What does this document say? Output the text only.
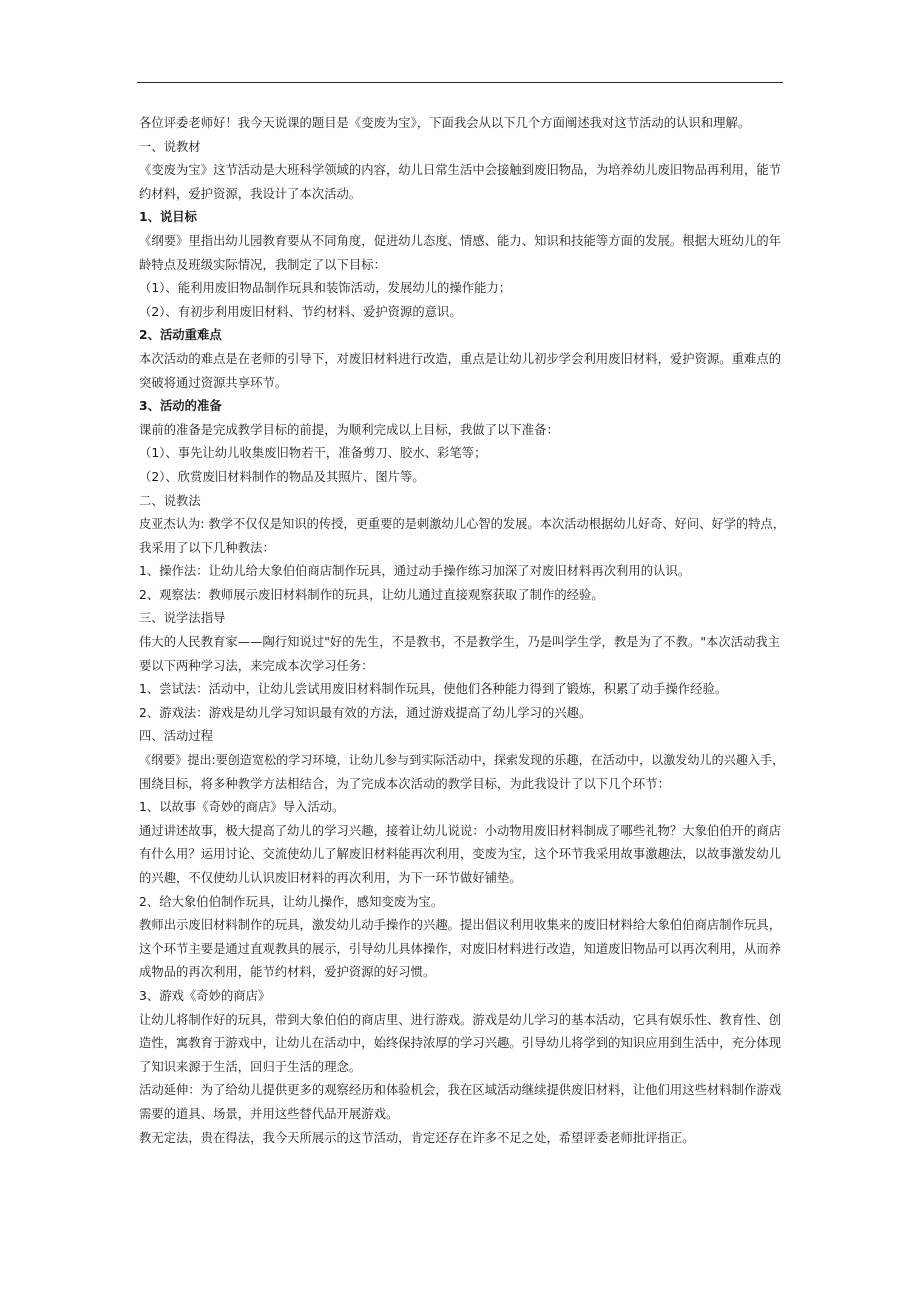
各位评委老师好！我今天说课的题目是《变废为宝》，下面我会从以下几个方面阐述我对这节活动的认识和理解。

一、说教材

《变废为宝》这节活动是大班科学领域的内容，幼儿日常生活中会接触到废旧物品，为培养幼儿废旧物品再利用，能节

约材料，爱护资源，我设计了本次活动。

1、说目标

《纲要》里指出幼儿园教育要从不同角度，促进幼儿态度、情感、能力、知识和技能等方面的发展。根据大班幼儿的年

龄特点及班级实际情况，我制定了以下目标：

（1）、能利用废旧物品制作玩具和装饰活动，发展幼儿的操作能力；

（2）、有初步利用废旧材料、节约材料、爱护资源的意识。

2、活动重难点

本次活动的难点是在老师的引导下，对废旧材料进行改造，重点是让幼儿初步学会利用废旧材料，爱护资源。重难点的

突破将通过资源共享环节。

3、活动的准备

课前的准备是完成教学目标的前提，为顺利完成以上目标，我做了以下准备：

（1）、事先让幼儿收集废旧物若干，准备剪刀、胶水、彩笔等；

（2）、欣赏废旧材料制作的物品及其照片、图片等。

二、说教法

皮亚杰认为: 教学不仅仅是知识的传授，更重要的是刺激幼儿心智的发展。本次活动根据幼儿好奇、好问、好学的特点，

我采用了以下几种教法：

1、操作法：让幼儿给大象伯伯商店制作玩具，通过动手操作练习加深了对废旧材料再次利用的认识。

2、观察法：教师展示废旧材料制作的玩具，让幼儿通过直接观察获取了制作的经验。

三、说学法指导

伟大的人民教育家——陶行知说过"好的先生，不是教书，不是教学生，乃是叫学生学，教是为了不教。"本次活动我主

要以下两种学习法，来完成本次学习任务：

1、尝试法：活动中，让幼儿尝试用废旧材料制作玩具，使他们各种能力得到了锻炼，积累了动手操作经验。

2、游戏法：游戏是幼儿学习知识最有效的方法，通过游戏提高了幼儿学习的兴趣。

四、活动过程

《纲要》提出:要创造宽松的学习环境，让幼儿参与到实际活动中，探索发现的乐趣，在活动中，以激发幼儿的兴趣入手，

围绕目标，将多种教学方法相结合，为了完成本次活动的教学目标，为此我设计了以下几个环节：

1、以故事《奇妙的商店》导入活动。

通过讲述故事，极大提高了幼儿的学习兴趣，接着让幼儿说说：小动物用废旧材料制成了哪些礼物？大象伯伯开的商店

有什么用？运用讨论、交流使幼儿了解废旧材料能再次利用，变废为宝，这个环节我采用故事激趣法，以故事激发幼儿

的兴趣，不仅使幼儿认识废旧材料的再次利用，为下一环节做好铺垫。

2、给大象伯伯制作玩具，让幼儿操作，感知变废为宝。

教师出示废旧材料制作的玩具，激发幼儿动手操作的兴趣。提出倡议利用收集来的废旧材料给大象伯伯商店制作玩具，

这个环节主要是通过直观教具的展示，引导幼儿具体操作，对废旧材料进行改造，知道废旧物品可以再次利用，从而养

成物品的再次利用，能节约材料，爱护资源的好习惯。

3、游戏《奇妙的商店》

让幼儿将制作好的玩具，带到大象伯伯的商店里、进行游戏。游戏是幼儿学习的基本活动，它具有娱乐性、教育性、创

造性，寓教育于游戏中，让幼儿在活动中，始终保持浓厚的学习兴趣。引导幼儿将学到的知识应用到生活中，充分体现

了知识来源于生活，回归于生活的理念。

活动延伸：为了给幼儿提供更多的观察经历和体验机会，我在区域活动继续提供废旧材料，让他们用这些材料制作游戏

需要的道具、场景，并用这些替代品开展游戏。

教无定法，贵在得法，我今天所展示的这节活动，肯定还存在许多不足之处，希望评委老师批评指正。
